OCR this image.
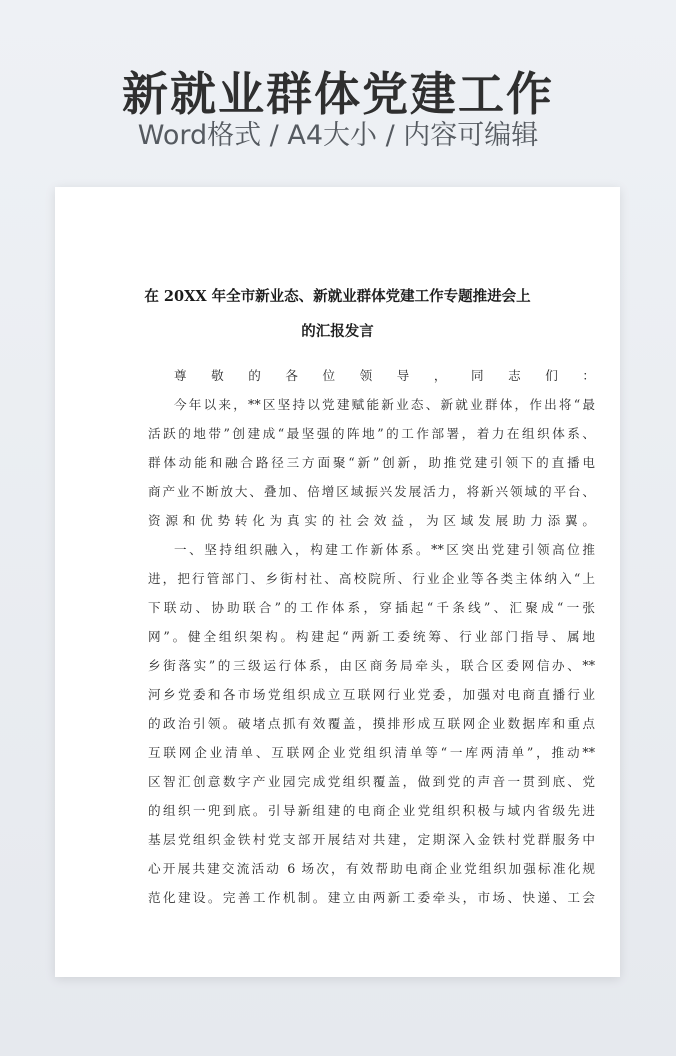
新就业群体党建工作
Word格式 / A4大小 / 内容可编辑
在 20XX 年全市新业态、新就业群体党建工作专题推进会上
的汇报发言
尊敬的各位领导，同志们：
今年以来，**区坚持以党建赋能新业态、新就业群体，作出将“最
活跃的地带”创建成“最坚强的阵地”的工作部署，着力在组织体系、
群体动能和融合路径三方面聚“新”创新，助推党建引领下的直播电
商产业不断放大、叠加、倍增区域振兴发展活力，将新兴领域的平台、
资源和优势转化为真实的社会效益，为区域发展助力添翼。
一、坚持组织融入，构建工作新体系。**区突出党建引领高位推
进，把行管部门、乡街村社、高校院所、行业企业等各类主体纳入“上
下联动、协助联合”的工作体系，穿插起“千条线”、汇聚成“一张
网”。健全组织架构。构建起“两新工委统筹、行业部门指导、属地
乡街落实”的三级运行体系，由区商务局牵头，联合区委网信办、**
河乡党委和各市场党组织成立互联网行业党委，加强对电商直播行业
的政治引领。破堵点抓有效覆盖，摸排形成互联网企业数据库和重点
互联网企业清单、互联网企业党组织清单等“一库两清单”，推动**
区智汇创意数字产业园完成党组织覆盖，做到党的声音一贯到底、党
的组织一兜到底。引导新组建的电商企业党组织积极与域内省级先进
基层党组织金铁村党支部开展结对共建，定期深入金铁村党群服务中
心开展共建交流活动 6 场次，有效帮助电商企业党组织加强标准化规
范化建设。完善工作机制。建立由两新工委牵头，市场、快递、工会
